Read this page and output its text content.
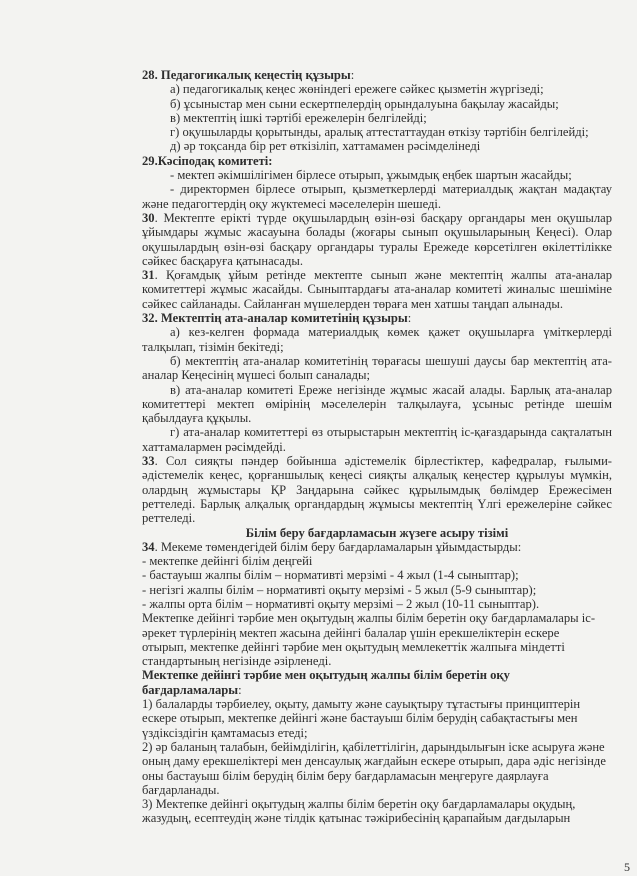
28. Педагогикалық кеңестің құзыры:

а) педагогикалық кеңес жөніндегі ережеге сәйкес қызметін жүргізеді;

б) ұсыныстар мен сыни ескертпелердің орындалуына бақылау жасайды;

в) мектептің ішкі тәртібі ережелерін белгілейді;

г) оқушыларды қорытынды, аралық аттестаттаудан өткізу тәртібін белгілейді;

д) әр тоқсанда бір рет өткізіліп, хаттамамен рәсімделінеді

29.Кәсіподақ комитеті:

- мектеп әкімшілігімен бірлесе отырып, ұжымдық еңбек шартын жасайды;

- директормен бірлесе отырып, қызметкерлерді материалдық жақтан мадақтау және педагогтердің оқу жүктемесі мәселелерін шешеді.

30. Мектепте ерікті түрде оқушылардың өзін-өзі басқару органдары мен оқушылар ұйымдары жұмыс жасауына болады (жоғары сынып оқушыларының Кеңесі). Олар оқушылардың өзін-өзі басқару органдары туралы Ережеде көрсетілген өкілеттілікке сәйкес басқаруға қатынасады.

31. Қоғамдық ұйым ретінде мектепте сынып және мектептің жалпы ата-аналар комитеттері жұмыс жасайды. Сыныптардағы ата-аналар комитеті жиналыс шешіміне сәйкес сайланады. Сайланған мүшелерден төраға мен хатшы таңдап алынады.

32. Мектептің ата-аналар комитетінің құзыры:

а) кез-келген формада материалдық көмек қажет оқушыларға үміткерлерді талқылап, тізімін бекітеді;

б) мектептің ата-аналар комитетінің төрағасы шешуші даусы бар мектептің ата-аналар Кеңесінің мүшесі болып саналады;

в) ата-аналар комитеті Ереже негізінде жұмыс жасай алады. Барлық ата-аналар комитеттері мектеп өмірінің мәселелерін талқылауға, ұсыныс ретінде шешім қабылдауға құқылы.

г) ата-аналар комитеттері өз отырыстарын мектептің іс-қағаздарында сақталатын хаттамалармен рәсімдейді.

33. Сол сияқты пәндер бойынша әдістемелік бірлестіктер, кафедралар, ғылыми-әдістемелік кеңес, қорғаншылық кеңесі сияқты алқалық кеңестер құрылуы мүмкін, олардың жұмыстары ҚР Заңдарына сәйкес құрылымдық бөлімдер Ережесімен реттеледі. Барлық алқалық органдардың жұмысы мектептің Үлгі ережелеріне сәйкес реттеледі.

Білім беру бағдарламасын жүзеге асыру тізімі

34. Мекеме төмендегідей білім беру бағдарламаларын ұйымдастырды:

- мектепке дейінгі білім деңгейі

- бастауыш жалпы білім – нормативті мерзімі - 4 жыл (1-4 сыныптар);

- негізгі жалпы білім – нормативті оқыту мерзімі - 5 жыл (5-9 сыныптар);

- жалпы орта білім – нормативті оқыту мерзімі – 2 жыл (10-11 сыныптар).

Мектепке дейінгі тәрбие мен оқытудың жалпы білім беретін оқу бағдарламалары іс-әрекет түрлерінің мектеп жасына дейінгі балалар үшін ерекшеліктерін ескере отырып, мектепке дейінгі тәрбие мен оқытудың мемлекеттік жалпыға міндетті стандартының негізінде әзірленеді.

Мектепке дейінгі тәрбие мен оқытудың жалпы білім беретін оқу бағдарламалары:

1) балаларды тәрбиелеу, оқыту, дамыту және сауықтыру тұтастығы принциптерін ескере отырып, мектепке дейінгі және бастауыш білім берудің сабақтастығы мен үздіксіздігін қамтамасыз етеді;

2) әр баланың талабын, бейімділігін, қабілеттілігін, дарындылығын іске асыруға және оның даму ерекшеліктері мен денсаулық жағдайын ескере отырып, дара әдіс негізінде оны бастауыш білім берудің білім беру бағдарламасын меңгеруге даярлауға бағдарланады.

3) Мектепке дейінгі оқытудың жалпы білім беретін оқу бағдарламалары оқудың, жазудың, есептеудің және тілдік қатынас тәжірибесінің қарапайым дағдыларын

5
